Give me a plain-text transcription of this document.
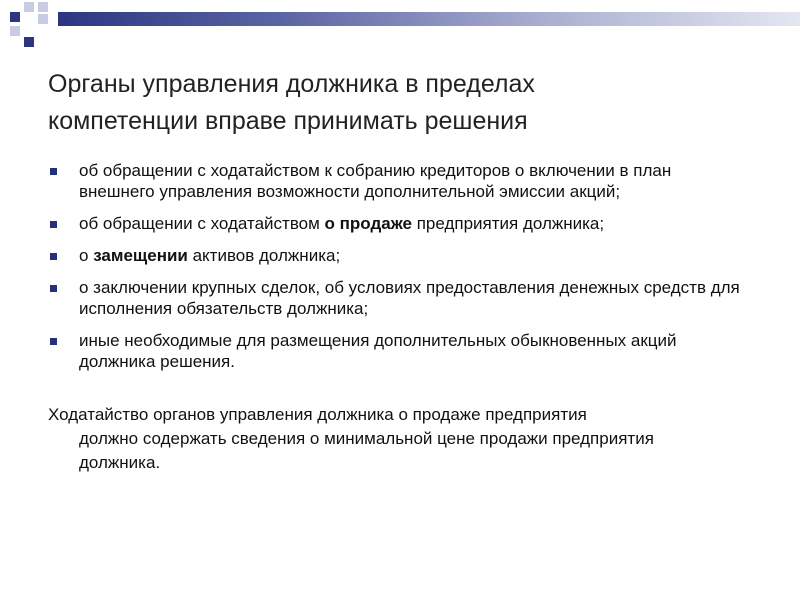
Органы управления должника в пределах
компетенции вправе принимать решения
об обращении с ходатайством к собранию кредиторов о включении в план внешнего управления возможности дополнительной эмиссии акций;
об обращении с ходатайством о продаже предприятия должника;
о замещении активов должника;
о заключении крупных сделок, об условиях предоставления денежных средств для исполнения обязательств должника;
иные необходимые для размещения дополнительных обыкновенных акций должника решения.

Ходатайство органов управления должника о продаже предприятия
должно содержать сведения о минимальной цене продажи предприятия должника.
